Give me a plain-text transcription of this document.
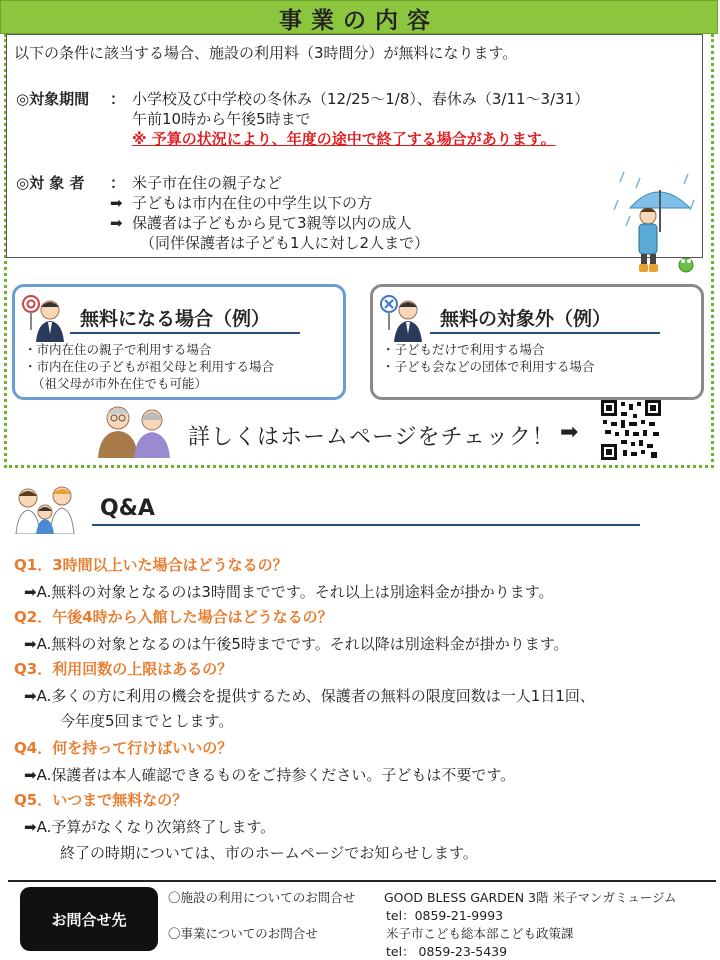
事業の内容
以下の条件に該当する場合、施設の利用料（3時間分）が無料になります。
◎対象期間 ： 小学校及び中学校の冬休み（12/25～1/8）、春休み（3/11～3/31）
午前10時から午後5時まで
※ 予算の状況により、年度の途中で終了する場合があります。
◎対 象 者 ： 米子市在住の親子など
➡ 子どもは市内在住の中学生以下の方
➡ 保護者は子どもから見て3親等以内の成人
（同伴保護者は子ども1人に対し2人まで）
無料になる場合（例）
・市内在住の親子で利用する場合
・市内在住の子どもが祖父母と利用する場合
（祖父母が市外在住でも可能）
無料の対象外（例）
・子どもだけで利用する場合
・子ども会などの団体で利用する場合
詳しくはホームページをチェック！ ➡
Q&A
Q1．3時間以上いた場合はどうなるの？
➡A.無料の対象となるのは3時間までです。それ以上は別途料金が掛かります。
Q2．午後4時から入館した場合はどうなるの？
➡A.無料の対象となるのは午後5時までです。それ以降は別途料金が掛かります。
Q3．利用回数の上限はあるの？
➡A.多くの方に利用の機会を提供するため、保護者の無料の限度回数は一人1日1回、
今年度5回までとします。
Q4．何を持って行けばいいの？
➡A.保護者は本人確認できるものをご持参ください。子どもは不要です。
Q5．いつまで無料なの？
➡A.予算がなくなり次第終了します。
終了の時期については、市のホームページでお知らせします。
お問合せ先
〇施設の利用についてのお問合せ GOOD BLESS GARDEN 3階 米子マンガミュージム
tel：0859-21-9993
〇事業についてのお問合せ	米子市こども総本部こども政策課
tel： 0859-23-5439
